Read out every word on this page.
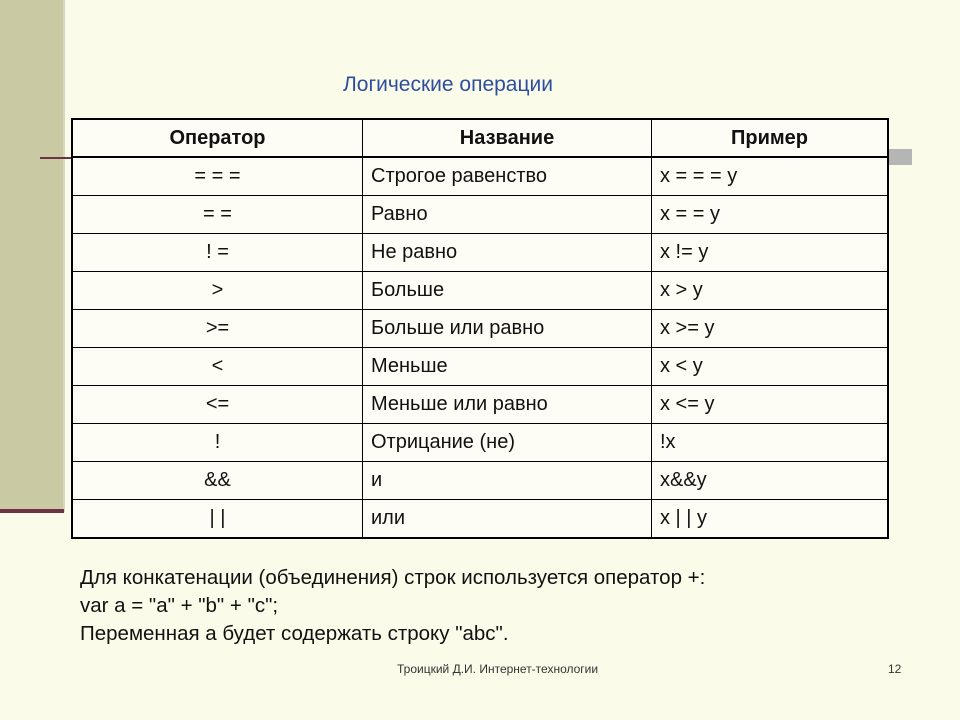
Логические операции
Оператор	Название	Пример
= = =	Строгое равенство	x = = = y
= =	Равно	x = = y
! =	Не равно	x != y
>	Больше	x > y
>=	Больше или равно	x >= y
<	Меньше	x < y
<=	Меньше или равно	x <= y
!	Отрицание (не)	!x
&&	и	x&&y
| |	или	x | | y
Для конкатенации (объединения) строк используется оператор +:
var a = "a" + "b" + "c";
Переменная a будет содержать строку "abc".
Троицкий Д.И. Интернет-технологии	12
